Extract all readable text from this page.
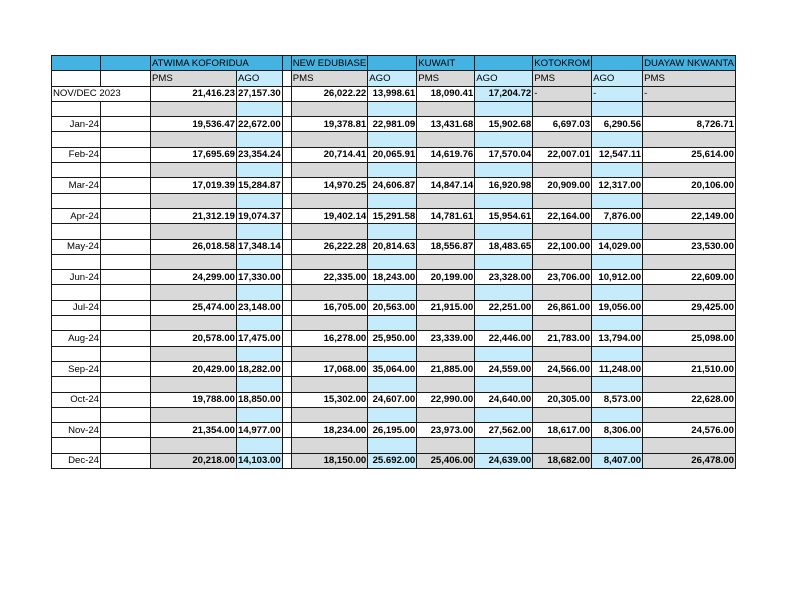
		ATWIMA KOFORIDUA			NEW EDUBIASE		KUWAIT		KOTOKROM		DUAYAW NKWANTA
		PMS	AGO		PMS	AGO	PMS	AGO	PMS	AGO	PMS
NOV/DEC 2023		21,416.23	27,157.30		26,022.22	13,998.61	18,090.41	17,204.72	-	-	-

Jan-24		19,536.47	22,672.00		19,378.81	22,981.09	13,431.68	15,902.68	6,697.03	6,290.56	8,726.71

Feb-24		17,695.69	23,354.24		20,714.41	20,065.91	14,619.76	17,570.04	22,007.01	12,547.11	25,614.00

Mar-24		17,019.39	15,284.87		14,970.25	24,606.87	14,847.14	16,920.98	20,909.00	12,317.00	20,106.00

Apr-24		21,312.19	19,074.37		19,402.14	15,291.58	14,781.61	15,954.61	22,164.00	7,876.00	22,149.00

May-24		26,018.58	17,348.14		26,222.28	20,814.63	18,556.87	18,483.65	22,100.00	14,029.00	23,530.00

Jun-24		24,299.00	17,330.00		22,335.00	18,243.00	20,199.00	23,328.00	23,706.00	10,912.00	22,609.00

Jul-24		25,474.00	23,148.00		16,705.00	20,563.00	21,915.00	22,251.00	26,861.00	19,056.00	29,425.00

Aug-24		20,578.00	17,475.00		16,278.00	25,950.00	23,339.00	22,446.00	21,783.00	13,794.00	25,098.00

Sep-24		20,429.00	18,282.00		17,068.00	35,064.00	21,885.00	24,559.00	24,566.00	11,248.00	21,510.00

Oct-24		19,788.00	18,850.00		15,302.00	24,607.00	22,990.00	24,640.00	20,305.00	8,573.00	22,628.00

Nov-24		21,354.00	14,977.00		18,234.00	26,195.00	23,973.00	27,562.00	18,617.00	8,306.00	24,576.00

Dec-24		20,218.00	14,103.00		18,150.00	25.692.00	25,406.00	24,639.00	18,682.00	8,407.00	26,478.00
